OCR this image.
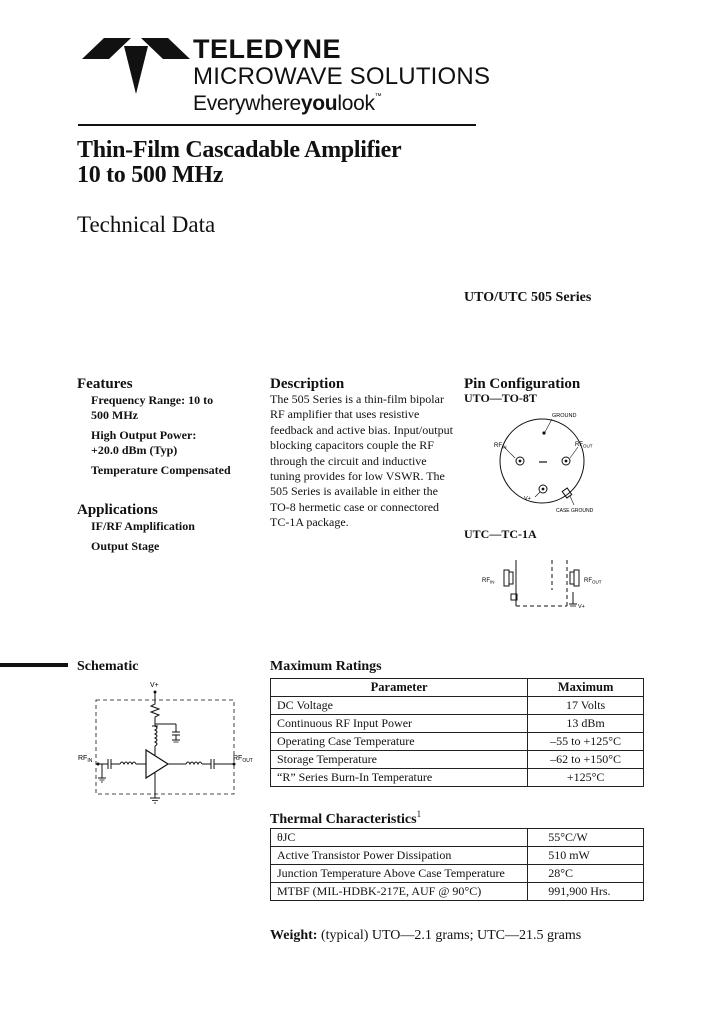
TELEDYNE
MICROWAVE SOLUTIONS
Everywhereyoulook™
Thin-Film Cascadable Amplifier
10 to 500 MHz
Technical Data
UTO/UTC 505 Series
Features
Frequency Range: 10 to 500 MHz
High Output Power: +20.0 dBm (Typ)
Temperature Compensated
Applications
IF/RF Amplification
Output Stage
Description
The 505 Series is a thin-film bipolar RF amplifier that uses resistive feedback and active bias. Input/output blocking capacitors couple the RF through the circuit and inductive tuning provides for low VSWR. The 505 Series is available in either the TO-8 hermetic case or connectored TC-1A package.
Pin Configuration
UTO—TO-8T
GROUND
$RF_{IN}$	$RF_{OUT}$
V+
CASE GROUND
UTC—TC-1A
$RF_{IN}$	$RF_{OUT}$
V+
Schematic
V+
$RF_{IN}$	$RF_{OUT}$
Maximum Ratings
Parameter	Maximum
DC Voltage	17 Volts
Continuous RF Input Power	13 dBm
Operating Case Temperature	–55 to +125°C
Storage Temperature	–62 to +150°C
“R” Series Burn-In Temperature	+125°C
Thermal Characteristics$^1$
θJC	55°C/W
Active Transistor Power Dissipation	510 mW
Junction Temperature Above Case Temperature	28°C
MTBF (MIL-HDBK-217E, AUF @ 90°C)	991,900 Hrs.
Weight: (typical) UTO—2.1 grams; UTC—21.5 grams
